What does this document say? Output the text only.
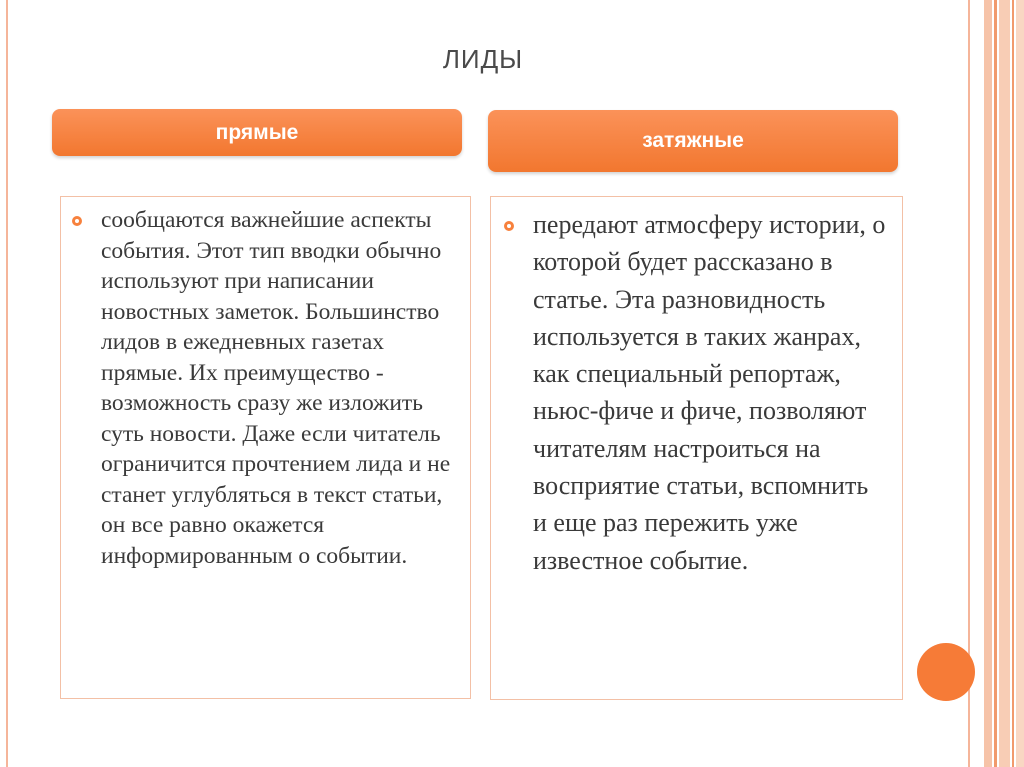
ЛИДЫ
прямые	затяжные
сообщаются важнейшие аспекты события. Этот тип вводки обычно используют при написании новостных заметок. Большинство лидов в ежедневных газетах прямые. Их преимущество - возможность сразу же изложить суть новости. Даже если читатель ограничится прочтением лида и не станет углубляться в текст статьи, он все равно окажется информированным о событии.
передают атмосферу истории, о которой будет рассказано в статье. Эта разновидность используется в таких жанрах, как специальный репортаж, ньюс-фиче и фиче, позволяют читателям настроиться на восприятие статьи, вспомнить и еще раз пережить уже известное событие.
